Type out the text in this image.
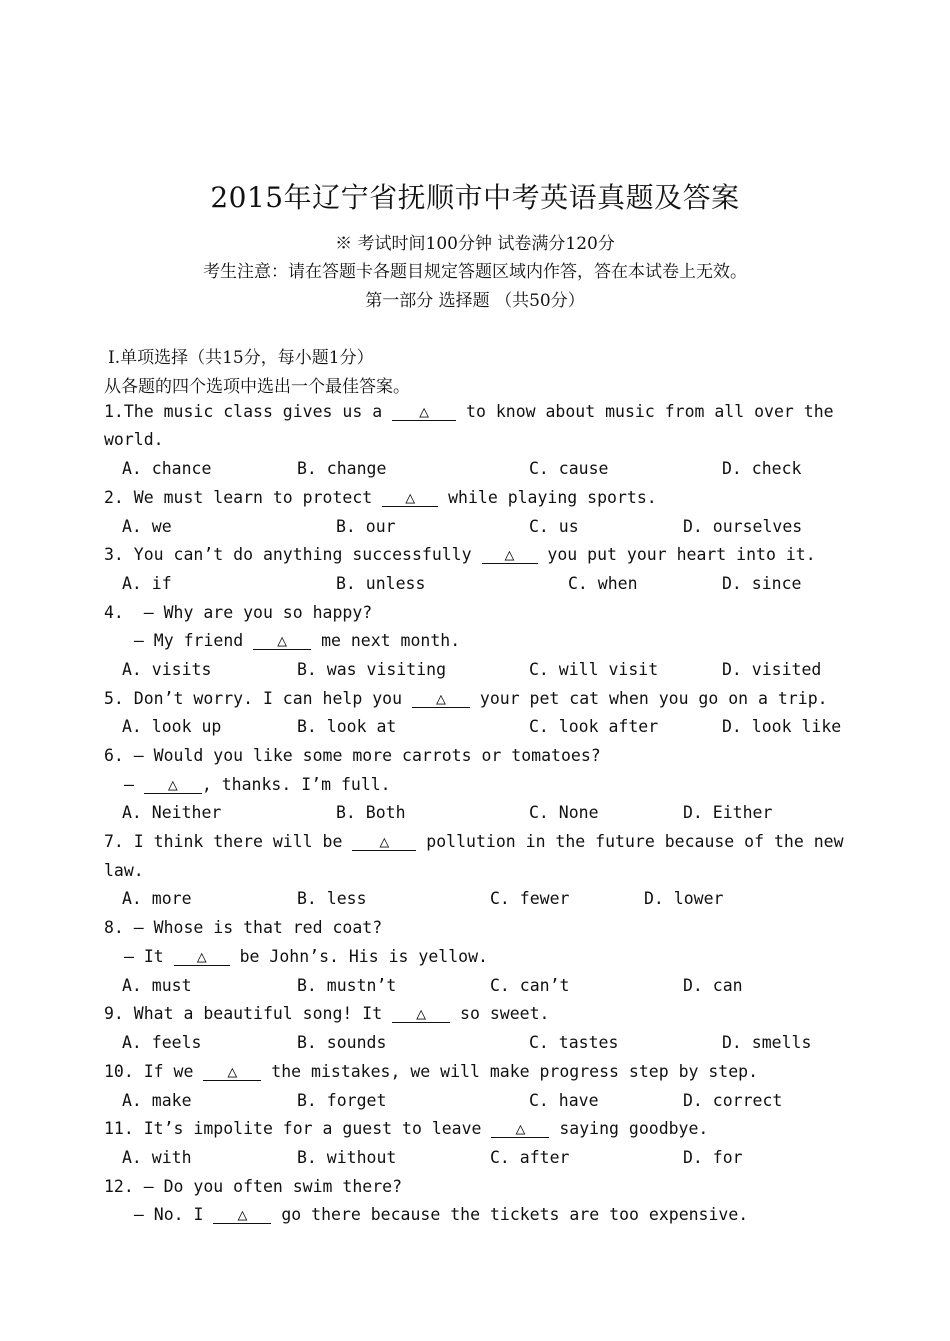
2015年辽宁省抚顺市中考英语真题及答案
※ 考试时间100分钟 试卷满分120分
考生注意：请在答题卡各题目规定答题区域内作答，答在本试卷上无效。
第一部分 选择题 （共50分）
Ⅰ.单项选择（共15分，每小题1分）
从各题的四个选项中选出一个最佳答案。
1.The music class gives us a △ to know about music from all over the
world.
A. chance	B. change	C. cause	D. check
2. We must learn to protect △ while playing sports.
A. we	B. our	C. us	D. ourselves
3. You can’t do anything successfully △ you put your heart into it.
A. if	B. unless	C. when	D. since
4.  — Why are you so happy?
— My friend △ me next month.
A. visits	B. was visiting	C. will visit	D. visited
5. Don’t worry. I can help you △ your pet cat when you go on a trip.
A. look up	B. look at	C. look after	D. look like
6. — Would you like some more carrots or tomatoes?
— △ , thanks. I’m full.
A. Neither	B. Both	C. None	D. Either
7. I think there will be △ pollution in the future because of the new
law.
A. more	B. less	C. fewer	D. lower
8. — Whose is that red coat?
— It △ be John’s. His is yellow.
A. must	B. mustn’t	C. can’t	D. can
9. What a beautiful song! It △ so sweet.
A. feels	B. sounds	C. tastes	D. smells
10. If we △ the mistakes, we will make progress step by step.
A. make	B. forget	C. have	D. correct
11. It’s impolite for a guest to leave △ saying goodbye.
A. with	B. without	C. after	D. for
12. — Do you often swim there?
— No. I △ go there because the tickets are too expensive.
